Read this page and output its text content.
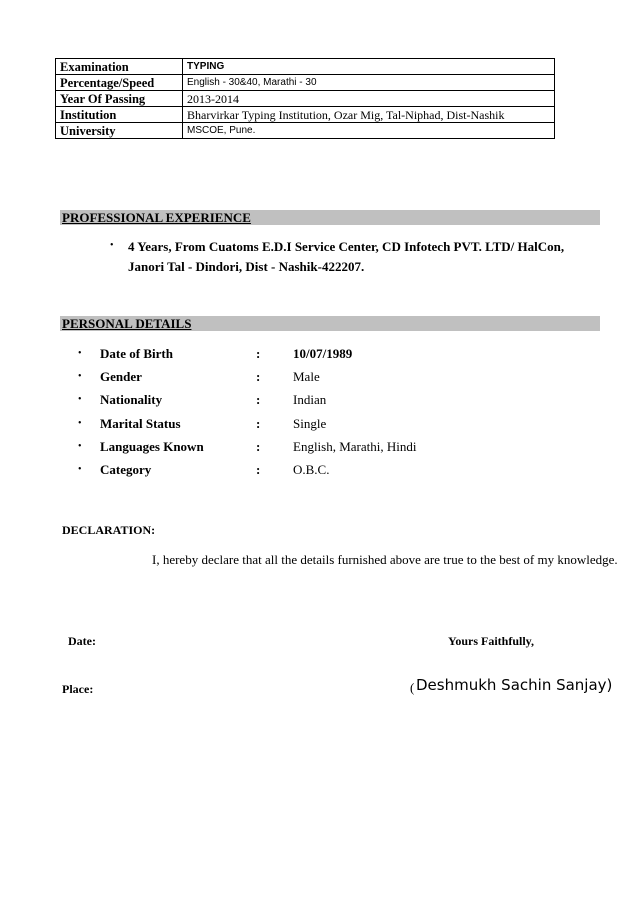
Examination	TYPING
Percentage/Speed	English - 30&40, Marathi - 30
Year Of Passing	2013-2014
Institution	Bharvirkar Typing Institution, Ozar Mig, Tal-Niphad, Dist-Nashik
University	MSCOE, Pune.
PROFESSIONAL EXPERIENCE
• 4 Years, From Cuatoms E.D.I Service Center, CD Infotech PVT. LTD/ HalCon,
Janori Tal - Dindori, Dist - Nashik-422207.
PERSONAL DETAILS
• Date of Birth	:	10/07/1989
• Gender	:	Male
• Nationality	:	Indian
• Marital Status	:	Single
• Languages Known	:	English, Marathi, Hindi
• Category	:	O.B.C.
DECLARATION:
I, hereby declare that all the details furnished above are true to the best of my knowledge.
Date:	Yours Faithfully,
Place:	( Deshmukh Sachin Sanjay)
